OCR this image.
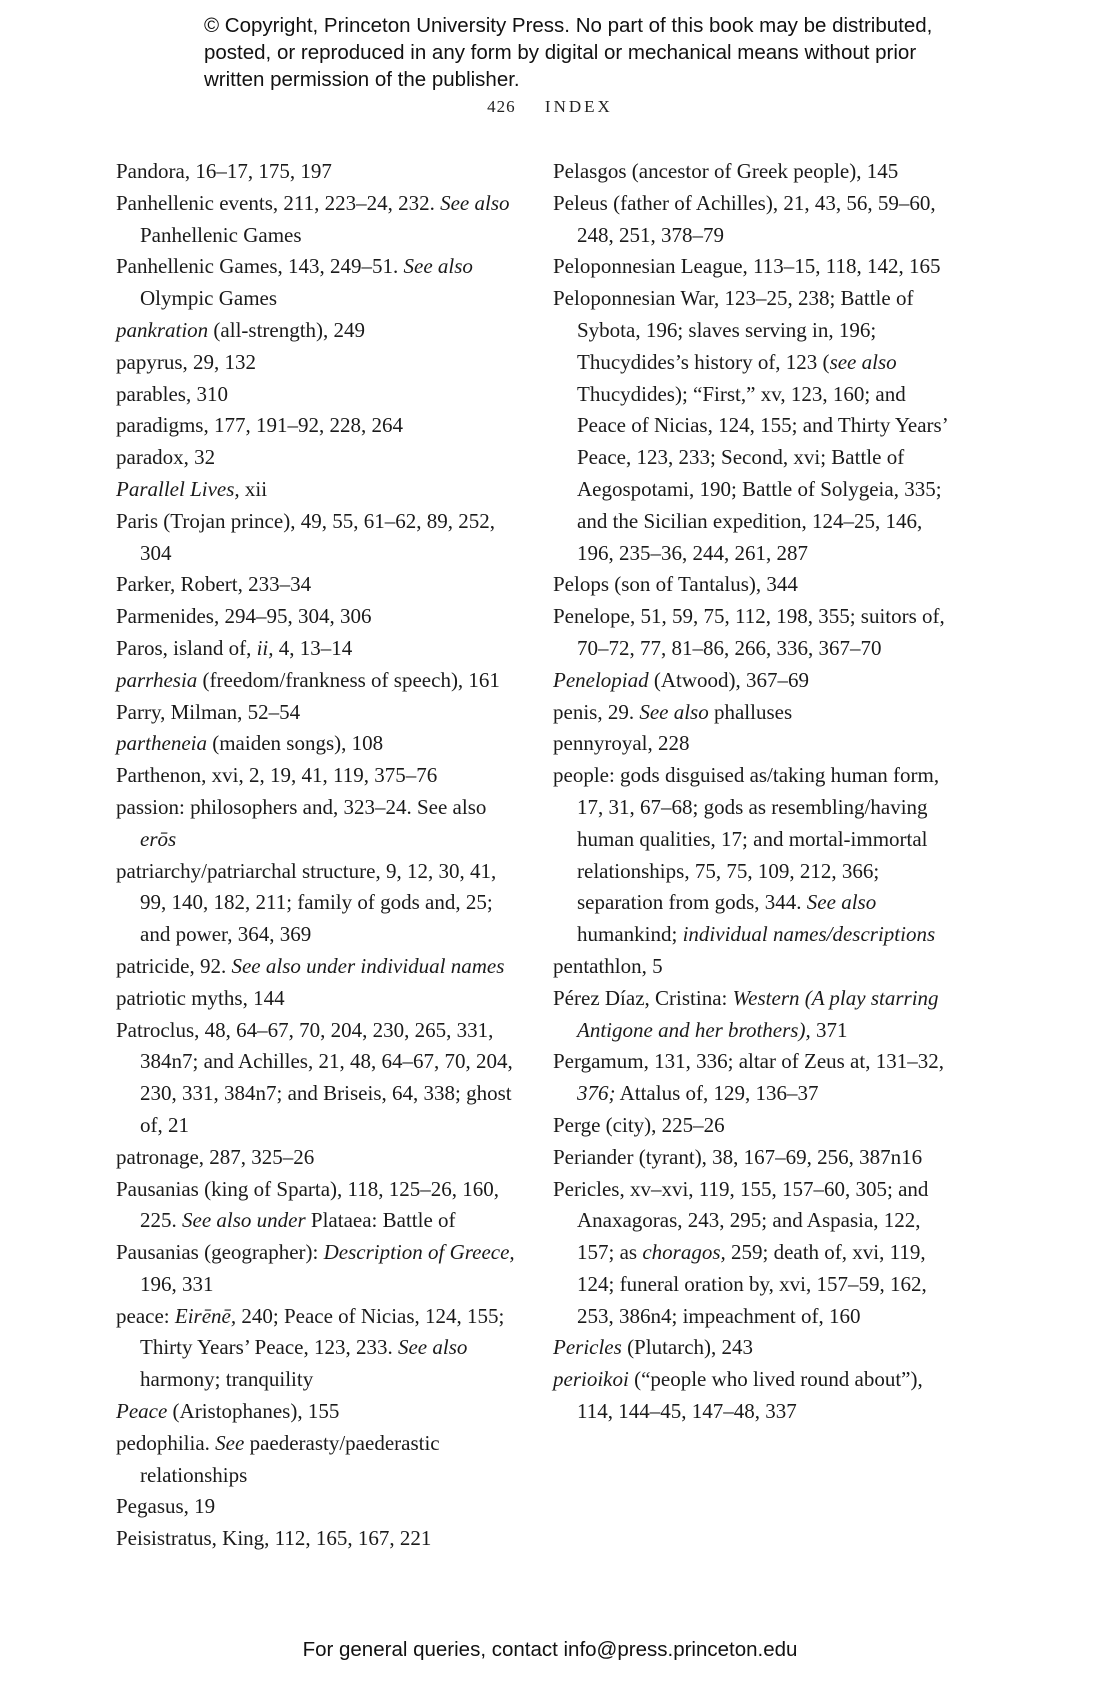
© Copyright, Princeton University Press. No part of this book may be distributed, posted, or reproduced in any form by digital or mechanical means without prior written permission of the publisher.
426 INDEX

Pandora, 16–17, 175, 197

Panhellenic events, 211, 223–24, 232. See also Panhellenic Games

Panhellenic Games, 143, 249–51. See also Olympic Games

pankration (all-strength), 249

papyrus, 29, 132

parables, 310

paradigms, 177, 191–92, 228, 264

paradox, 32

Parallel Lives, xii

Paris (Trojan prince), 49, 55, 61–62, 89, 252, 304

Parker, Robert, 233–34

Parmenides, 294–95, 304, 306

Paros, island of, ii, 4, 13–14

parrhesia (freedom/frankness of speech), 161

Parry, Milman, 52–54

partheneia (maiden songs), 108

Parthenon, xvi, 2, 19, 41, 119, 375–76

passion: philosophers and, 323–24. See also erōs

patriarchy/patriarchal structure, 9, 12, 30, 41, 99, 140, 182, 211; family of gods and, 25; and power, 364, 369

patricide, 92. See also under individual names

patriotic myths, 144

Patroclus, 48, 64–67, 70, 204, 230, 265, 331, 384n7; and Achilles, 21, 48, 64–67, 70, 204, 230, 331, 384n7; and Briseis, 64, 338; ghost of, 21

patronage, 287, 325–26

Pausanias (king of Sparta), 118, 125–26, 160, 225. See also under Plataea: Battle of

Pausanias (geographer): Description of Greece, 196, 331

peace: Eirēnē, 240; Peace of Nicias, 124, 155; Thirty Years’ Peace, 123, 233. See also harmony; tranquility

Peace (Aristophanes), 155

pedophilia. See paederasty/paederastic relationships

Pegasus, 19

Peisistratus, King, 112, 165, 167, 221

Pelasgos (ancestor of Greek people), 145

Peleus (father of Achilles), 21, 43, 56, 59–60, 248, 251, 378–79

Peloponnesian League, 113–15, 118, 142, 165

Peloponnesian War, 123–25, 238; Battle of Sybota, 196; slaves serving in, 196; Thucydides’s history of, 123 (see also Thucydides); “First,” xv, 123, 160; and Peace of Nicias, 124, 155; and Thirty Years’ Peace, 123, 233; Second, xvi; Battle of Aegospotami, 190; Battle of Solygeia, 335; and the Sicilian expedition, 124–25, 146, 196, 235–36, 244, 261, 287

Pelops (son of Tantalus), 344

Penelope, 51, 59, 75, 112, 198, 355; suitors of, 70–72, 77, 81–86, 266, 336, 367–70

Penelopiad (Atwood), 367–69

penis, 29. See also phalluses

pennyroyal, 228

people: gods disguised as/taking human form, 17, 31, 67–68; gods as resembling/having human qualities, 17; and mortal-immortal relationships, 75, 75, 109, 212, 366; separation from gods, 344. See also humankind; individual names/descriptions

pentathlon, 5

Pérez Díaz, Cristina: Western (A play starring Antigone and her brothers), 371

Pergamum, 131, 336; altar of Zeus at, 131–32, 376; Attalus of, 129, 136–37

Perge (city), 225–26

Periander (tyrant), 38, 167–69, 256, 387n16

Pericles, xv–xvi, 119, 155, 157–60, 305; and Anaxagoras, 243, 295; and Aspasia, 122, 157; as choragos, 259; death of, xvi, 119, 124; funeral oration by, xvi, 157–59, 162, 253, 386n4; impeachment of, 160

Pericles (Plutarch), 243

perioikoi (“people who lived round about”), 114, 144–45, 147–48, 337

For general queries, contact info@press.princeton.edu
